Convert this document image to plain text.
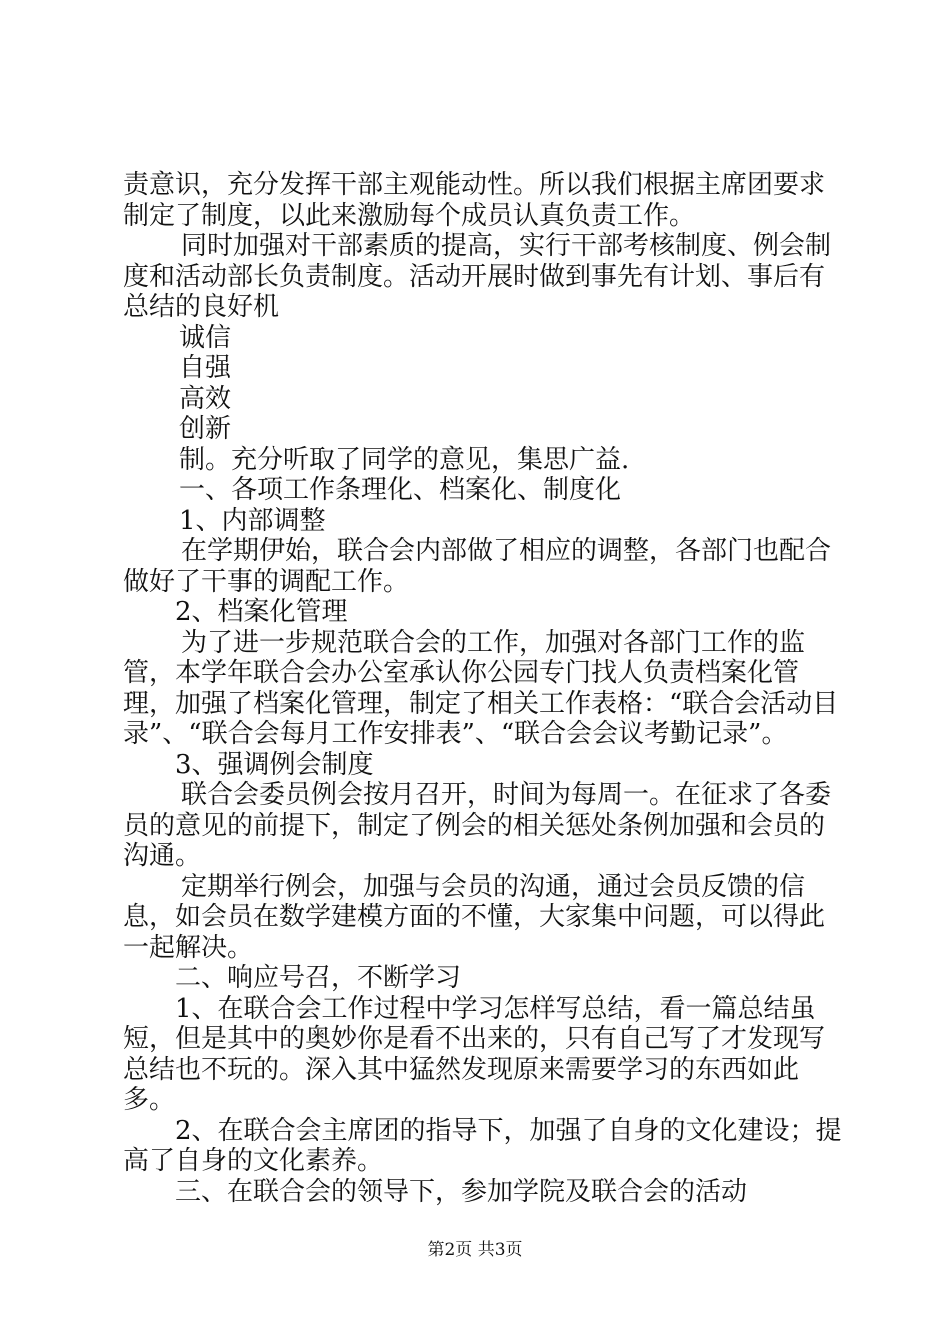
责意识，充分发挥干部主观能动性。所以我们根据主席团要求制定了制度，以此来激励每个成员认真负责工作。

同时加强对干部素质的提高，实行干部考核制度、例会制度和活动部长负责制度。活动开展时做到事先有计划、事后有总结的良好机

诚信

自强

高效

创新

制。充分听取了同学的意见，集思广益.

一、各项工作条理化、档案化、制度化

1、内部调整

在学期伊始，联合会内部做了相应的调整，各部门也配合做好了干事的调配工作。

2、档案化管理

为了进一步规范联合会的工作，加强对各部门工作的监管，本学年联合会办公室承认你公园专门找人负责档案化管理，加强了档案化管理，制定了相关工作表格：“联合会活动目录”、“联合会每月工作安排表”、“联合会会议考勤记录”。

3、强调例会制度

联合会委员例会按月召开，时间为每周一。在征求了各委员的意见的前提下，制定了例会的相关惩处条例加强和会员的沟通。

定期举行例会，加强与会员的沟通，通过会员反馈的信息，如会员在数学建模方面的不懂，大家集中问题，可以得此一起解决。

二、响应号召，不断学习

1、在联合会工作过程中学习怎样写总结，看一篇总结虽短，但是其中的奥妙你是看不出来的，只有自己写了才发现写总结也不玩的。深入其中猛然发现原来需要学习的东西如此多。

2、在联合会主席团的指导下，加强了自身的文化建设；提高了自身的文化素养。

三、在联合会的领导下，参加学院及联合会的活动

第2页 共3页
